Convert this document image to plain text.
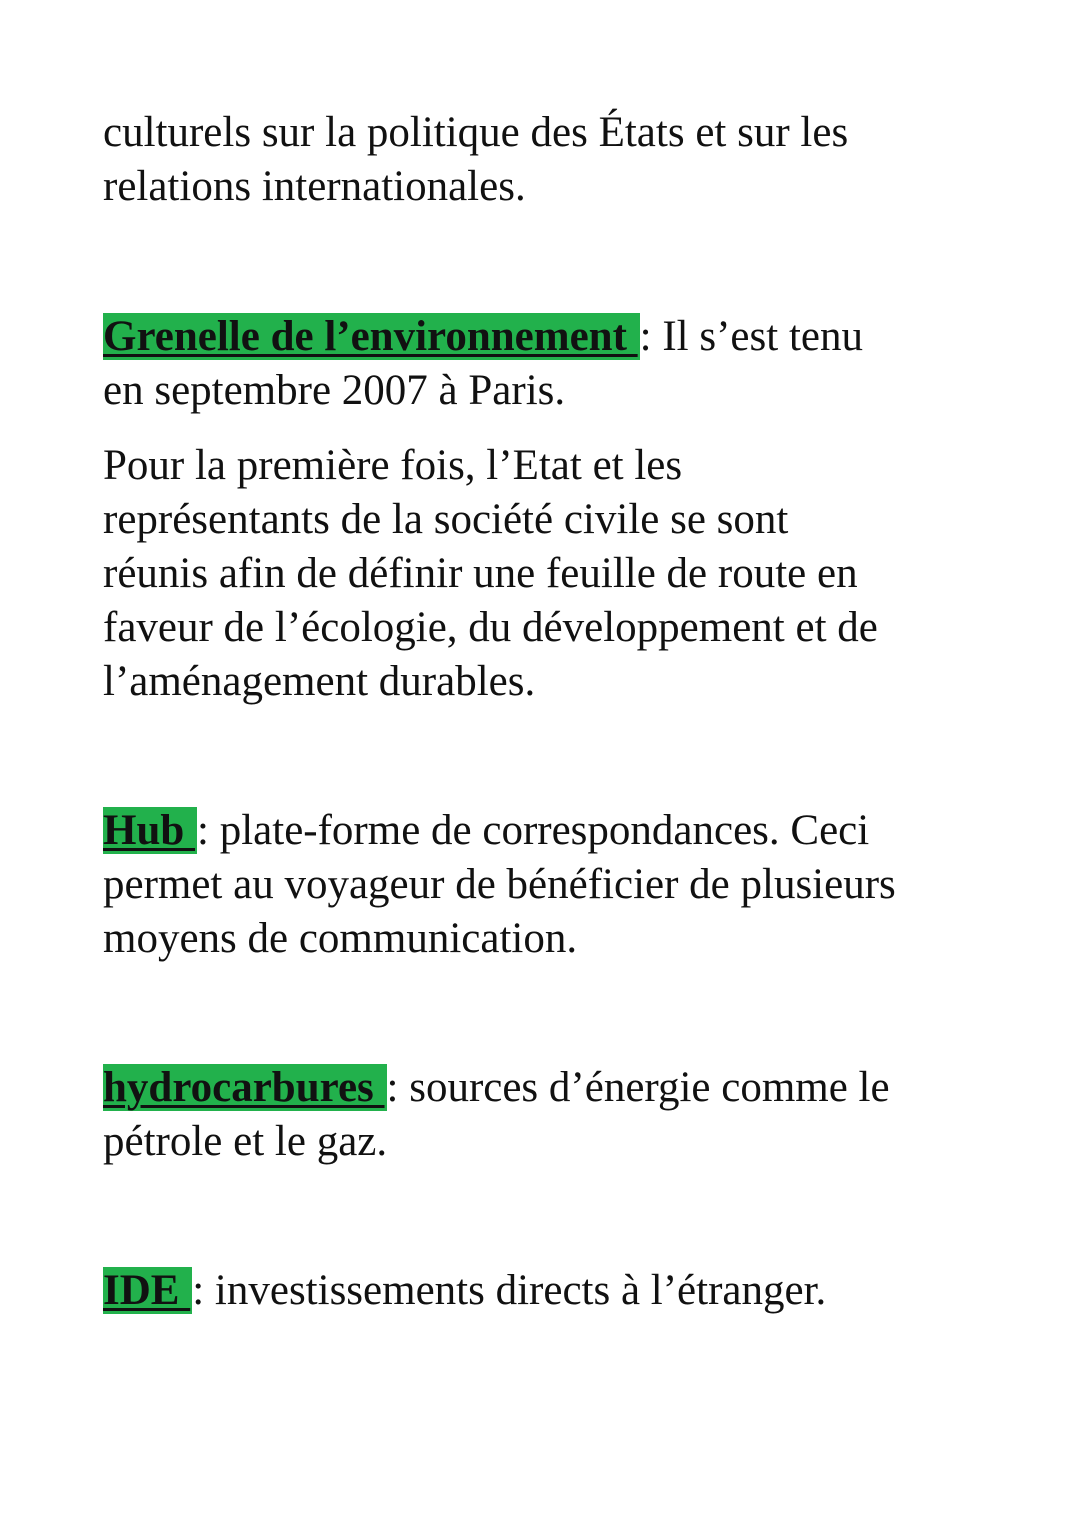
culturels sur la politique des États et sur les

relations internationales.

Grenelle de l’environnement : Il s’est tenu

en septembre 2007 à Paris.

Pour la première fois, l’Etat et les

représentants de la société civile se sont

réunis afin de définir une feuille de route en

faveur de l’écologie, du développement et de

l’aménagement durables.

Hub : plate-forme de correspondances. Ceci

permet au voyageur de bénéficier de plusieurs

moyens de communication.

hydrocarbures : sources d’énergie comme le

pétrole et le gaz.

IDE : investissements directs à l’étranger.
